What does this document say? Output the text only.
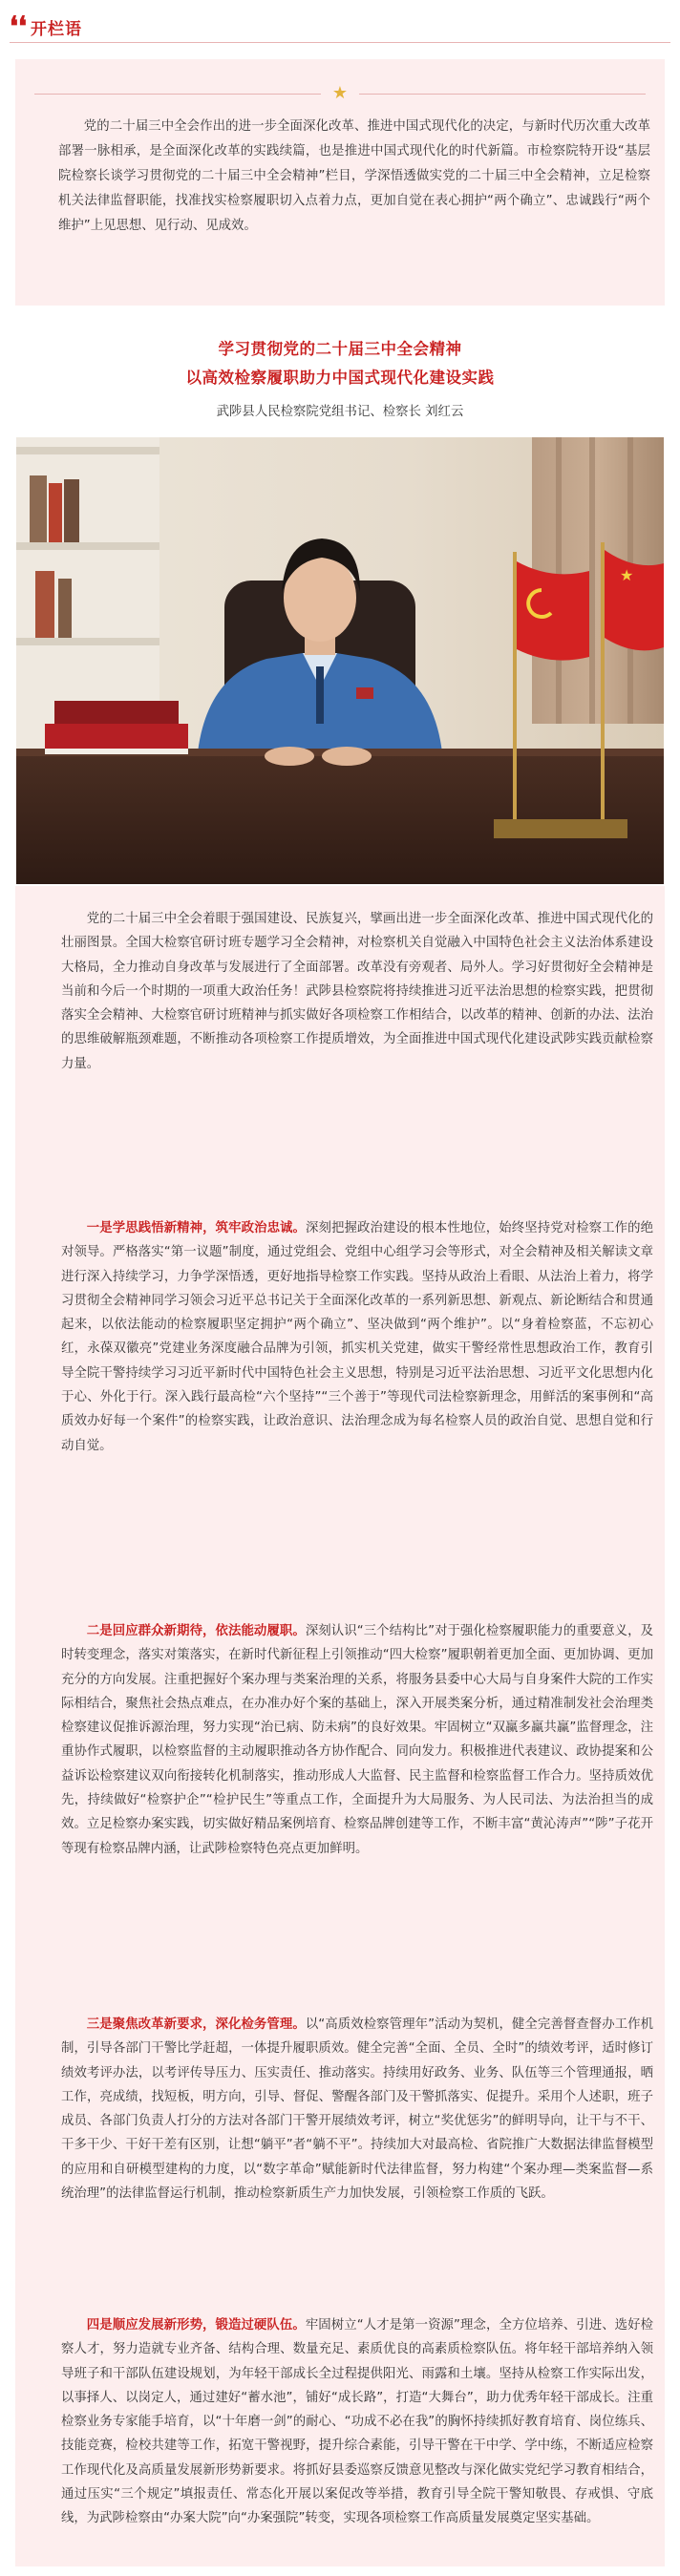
❛❛ 开栏语
★

党的二十届三中全会作出的进一步全面深化改革、推进中国式现代化的决定，与新时代历次重大改革部署一脉相承，是全面深化改革的实践续篇，也是推进中国式现代化的时代新篇。市检察院特开设“基层院检察长谈学习贯彻党的二十届三中全会精神”栏目，学深悟透做实党的二十届三中全会精神，立足检察机关法律监督职能，找准找实检察履职切入点着力点，更加自觉在表心拥护“两个确立”、忠诚践行“两个维护”上见思想、见行动、见成效。

学习贯彻党的二十届三中全会精神
以高效检察履职助力中国式现代化建设实践

武陟县人民检察院党组书记、检察长 刘红云

★

党的二十届三中全会着眼于强国建设、民族复兴，擘画出进一步全面深化改革、推进中国式现代化的壮丽图景。全国大检察官研讨班专题学习全会精神，对检察机关自觉融入中国特色社会主义法治体系建设大格局，全力推动自身改革与发展进行了全面部署。改革没有旁观者、局外人。学习好贯彻好全会精神是当前和今后一个时期的一项重大政治任务！武陟县检察院将持续推进习近平法治思想的检察实践，把贯彻落实全会精神、大检察官研讨班精神与抓实做好各项检察工作相结合，以改革的精神、创新的办法、法治的思维破解瓶颈难题，不断推动各项检察工作提质增效，为全面推进中国式现代化建设武陟实践贡献检察力量。

一是学思践悟新精神，筑牢政治忠诚。深刻把握政治建设的根本性地位，始终坚持党对检察工作的绝对领导。严格落实“第一议题”制度，通过党组会、党组中心组学习会等形式，对全会精神及相关解读文章进行深入持续学习，力争学深悟透，更好地指导检察工作实践。坚持从政治上看眼、从法治上着力，将学习贯彻全会精神同学习领会习近平总书记关于全面深化改革的一系列新思想、新观点、新论断结合和贯通起来，以依法能动的检察履职坚定拥护“两个确立”、坚决做到“两个维护”。以“身着检察蓝，不忘初心红，永葆双徽亮”党建业务深度融合品牌为引领，抓实机关党建，做实干警经常性思想政治工作，教育引导全院干警持续学习习近平新时代中国特色社会主义思想，特别是习近平法治思想、习近平文化思想内化于心、外化于行。深入践行最高检“六个坚持”“三个善于”等现代司法检察新理念，用鲜活的案事例和“高质效办好每一个案件”的检察实践，让政治意识、法治理念成为每名检察人员的政治自觉、思想自觉和行动自觉。

二是回应群众新期待，依法能动履职。深刻认识“三个结构比”对于强化检察履职能力的重要意义，及时转变理念，落实对策落实，在新时代新征程上引领推动“四大检察”履职朝着更加全面、更加协调、更加充分的方向发展。注重把握好个案办理与类案治理的关系，将服务县委中心大局与自身案件大院的工作实际相结合，聚焦社会热点难点，在办准办好个案的基础上，深入开展类案分析，通过精准制发社会治理类检察建议促推诉源治理，努力实现“治已病、防未病”的良好效果。牢固树立“双赢多赢共赢”监督理念，注重协作式履职，以检察监督的主动履职推动各方协作配合、同向发力。积极推进代表建议、政协提案和公益诉讼检察建议双向衔接转化机制落实，推动形成人大监督、民主监督和检察监督工作合力。坚持质效优先，持续做好“检察护企”“检护民生”等重点工作，全面提升为大局服务、为人民司法、为法治担当的成效。立足检察办案实践，切实做好精品案例培育、检察品牌创建等工作，不断丰富“黄沁涛声”“陟”子花开等现有检察品牌内涵，让武陟检察特色亮点更加鲜明。

三是聚焦改革新要求，深化检务管理。以“高质效检察管理年”活动为契机，健全完善督查督办工作机制，引导各部门干警比学赶超，一体提升履职质效。健全完善“全面、全员、全时”的绩效考评，适时修订绩效考评办法，以考评传导压力、压实责任、推动落实。持续用好政务、业务、队伍等三个管理通报，晒工作，亮成绩，找短板，明方向，引导、督促、警醒各部门及干警抓落实、促提升。采用个人述职，班子成员、各部门负责人打分的方法对各部门干警开展绩效考评，树立“奖优惩劣”的鲜明导向，让干与不干、干多干少、干好干差有区别，让想“躺平”者“躺不平”。持续加大对最高检、省院推广大数据法律监督模型的应用和自研模型建构的力度，以“数字革命”赋能新时代法律监督，努力构建“个案办理—类案监督—系统治理”的法律监督运行机制，推动检察新质生产力加快发展，引领检察工作质的飞跃。

四是顺应发展新形势，锻造过硬队伍。牢固树立“人才是第一资源”理念，全方位培养、引进、选好检察人才，努力造就专业齐备、结构合理、数量充足、素质优良的高素质检察队伍。将年轻干部培养纳入领导班子和干部队伍建设规划，为年轻干部成长全过程提供阳光、雨露和土壤。坚持从检察工作实际出发，以事择人、以岗定人，通过建好“蓄水池”，铺好“成长路”，打造“大舞台”，助力优秀年轻干部成长。注重检察业务专家能手培育，以“十年磨一剑”的耐心、“功成不必在我”的胸怀持续抓好教育培育、岗位练兵、技能竞赛，检校共建等工作，拓宽干警视野，提升综合素能，引导干警在干中学、学中练，不断适应检察工作现代化及高质量发展新形势新要求。将抓好县委巡察反馈意见整改与深化做实党纪学习教育相结合，通过压实“三个规定”填报责任、常态化开展以案促改等举措，教育引导全院干警知敬畏、存戒惧、守底线，为武陟检察由“办案大院”向“办案强院”转变，实现各项检察工作高质量发展奠定坚实基础。
